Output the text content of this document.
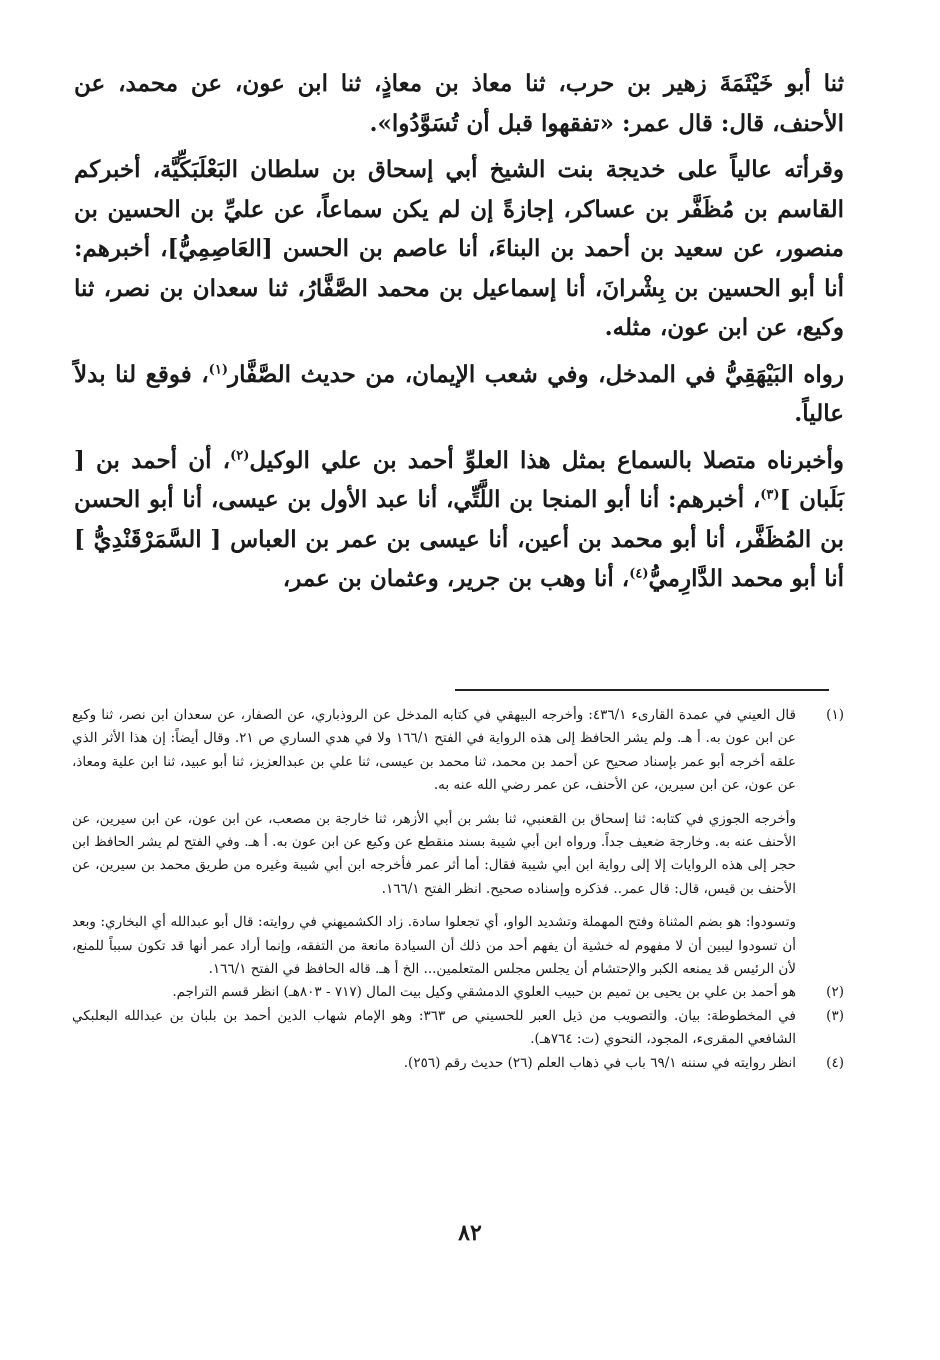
ثنا أبو خَيْثَمَةَ زهير بن حرب، ثنا معاذ بن معاذٍ، ثنا ابن عون، عن محمد، عن الأحنف، قال: قال عمر: «تفقهوا قبل أن تُسَوَّدُوا».

وقرأته عالياً على خديجة بنت الشيخ أبي إسحاق بن سلطان البَعْلَبَكِّيَّة، أخبركم القاسم بن مُظَفَّر بن عساكر، إجازةً إن لم يكن سماعاً، عن عليِّ بن الحسين بن منصور، عن سعيد بن أحمد بن البناءَ، أنا عاصم بن الحسن [العَاصِمِيُّ]، أخبرهم: أنا أبو الحسين بن بِشْرانَ، أنا إسماعيل بن محمد الصَّفَّارُ، ثنا سعدان بن نصر، ثنا وكيع، عن ابن عون، مثله.

رواه البَيْهَقِيُّ في المدخل، وفي شعب الإيمان، من حديث الصَّفَّار$^{(١)}$، فوقع لنا بدلاً عالياً.

وأخبرناه متصلا بالسماع بمثل هذا العلوِّ أحمد بن علي الوكيل$^{(٢)}$، أن أحمد بن [ بَلَبان ]$^{(٣)}$، أخبرهم: أنا أبو المنجا بن اللَّتِّي، أنا عبد الأول بن عيسى، أنا أبو الحسن بن المُظَفَّر، أنا أبو محمد بن أعين، أنا عيسى بن عمر بن العباس [ السَّمَرْقَنْدِيُّ ] أنا أبو محمد الدَّارِميُّ$^{(٤)}$، أنا وهب بن جرير، وعثمان بن عمر،

(١)

قال العيني في عمدة القارىء ٤٣٦/١: وأخرجه البيهقي في كتابه المدخل عن الروذباري، عن الصفار، عن سعدان ابن نصر، ثنا وكيع عن ابن عون به. أ هـ. ولم يشر الحافظ إلى هذه الرواية في الفتح ١٦٦/١ ولا في هدي الساري ص ٢١. وقال أيضاً: إن هذا الأثر الذي علقه أخرجه أبو عمر بإسناد صحيح عن أحمد بن محمد، ثنا محمد بن عيسى، ثنا علي بن عبدالعزيز، ثنا أبو عبيد، ثنا ابن علية ومعاذ، عن عون، عن ابن سيرين، عن الأحنف، عن عمر رضي الله عنه به.

وأخرجه الجوزي في كتابه: ثنا إسحاق بن القعنبي، ثنا بشر بن أبي الأزهر، ثنا خارجة بن مصعب، عن ابن عون، عن ابن سيرين، عن الأحنف عنه به. وخارجة ضعيف جداً. ورواه ابن أبي شيبة بسند منقطع عن وكيع عن ابن عون به. أ هـ. وفي الفتح لم يشر الحافظ ابن حجر إلى هذه الروايات إلا إلى رواية ابن أبي شيبة فقال: أما أثر عمر فأخرجه ابن أبي شيبة وغيره من طريق محمد بن سيرين، عن الأحنف بن قيس، قال: قال عمر.. فذكره وإسناده صحيح. انظر الفتح ١٦٦/١.

وتسودوا: هو بضم المثناة وفتح المهملة وتشديد الواو، أي تجعلوا سادة. زاد الكشميهني في روايته: قال أبو عبدالله أي البخاري: وبعد أن تسودوا ليبين أن لا مفهوم له خشية أن يفهم أحد من ذلك أن السيادة مانعة من التفقه، وإنما أراد عمر أنها قد تكون سبباً للمنع، لأن الرئيس قد يمنعه الكبر والإحتشام أن يجلس مجلس المتعلمين... الخ أ هـ. قاله الحافظ في الفتح ١٦٦/١.

(٢)

هو أحمد بن علي بن يحيى بن تميم بن حبيب العلوي الدمشقي وكيل بيت المال (٧١٧ - ٨٠٣هـ) انظر قسم التراجم.

(٣)

في المخطوطة: بيان. والتصويب من ذيل العبر للحسيني ص ٣٦٣: وهو الإمام شهاب الدين أحمد بن بلبان بن عبدالله البعلبكي الشافعي المقرىء، المجود، النحوي (ت: ٧٦٤هـ).

(٤)

انظر روايته في سننه ٦٩/١ باب في ذهاب العلم (٢٦) حديث رقم (٢٥٦).

٨٢
